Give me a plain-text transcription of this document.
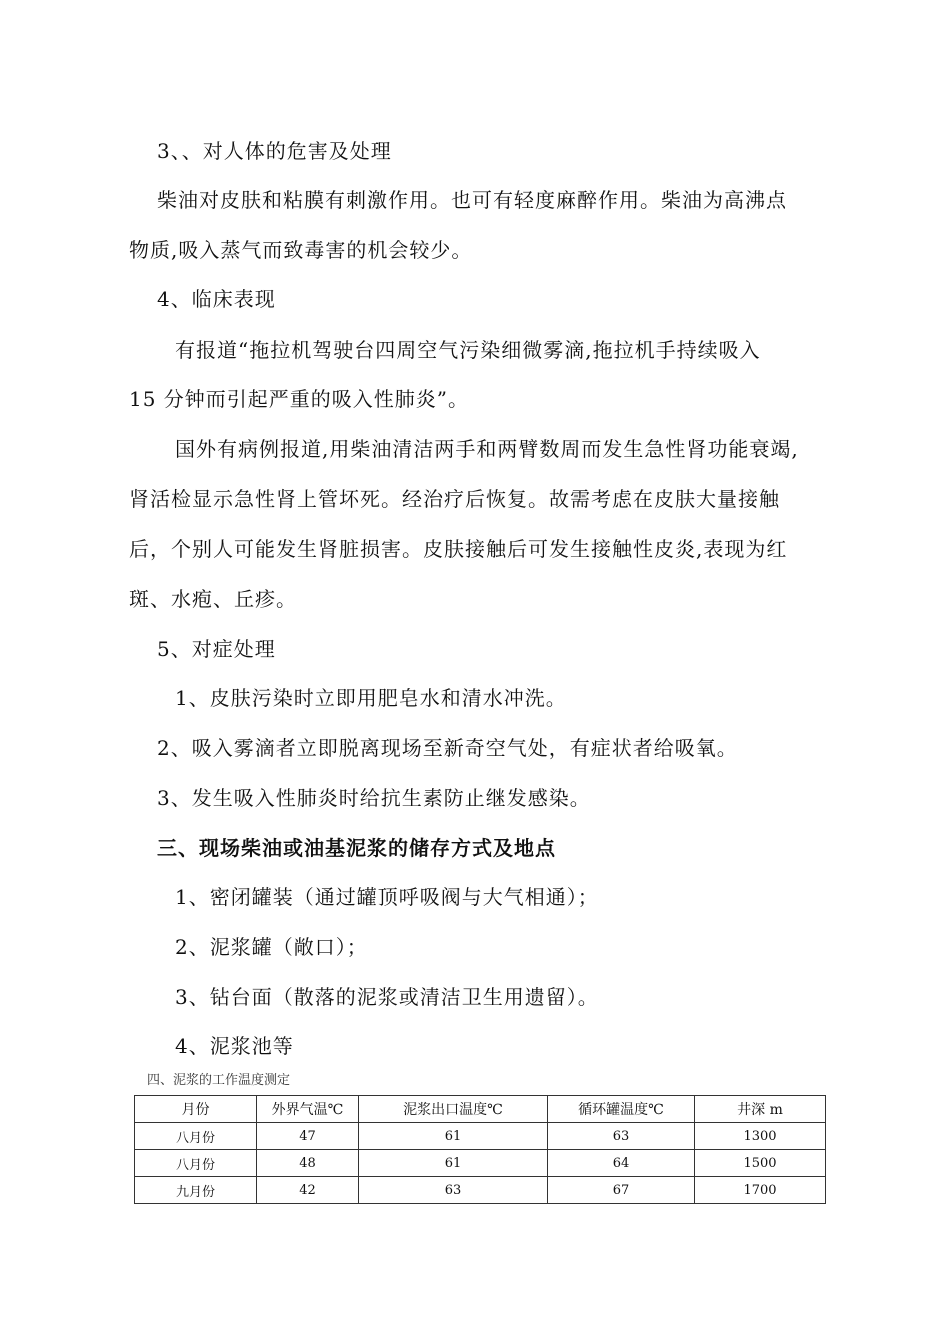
3、、对人体的危害及处理
柴油对皮肤和粘膜有刺激作用。也可有轻度麻醉作用。柴油为高沸点
物质,吸入蒸气而致毒害的机会较少。
4、临床表现
有报道“拖拉机驾驶台四周空气污染细微雾滴,拖拉机手持续吸入
15 分钟而引起严重的吸入性肺炎”。
国外有病例报道,用柴油清洁两手和两臂数周而发生急性肾功能衰竭,
肾活检显示急性肾上管坏死。经治疗后恢复。故需考虑在皮肤大量接触
后，个别人可能发生肾脏损害。皮肤接触后可发生接触性皮炎,表现为红
斑、水疱、丘疹。
5、对症处理
1、皮肤污染时立即用肥皂水和清水冲洗。
2、吸入雾滴者立即脱离现场至新奇空气处，有症状者给吸氧。
3、发生吸入性肺炎时给抗生素防止继发感染。
三、现场柴油或油基泥浆的储存方式及地点
1、密闭罐装（通过罐顶呼吸阀与大气相通）；
2、泥浆罐（敞口）；
3、钻台面（散落的泥浆或清洁卫生用遗留）。
4、泥浆池等
四、泥浆的工作温度测定
月份	外界气温℃	泥浆出口温度℃	循环罐温度℃	井深 m
八月份	47	61	63	1300
八月份	48	61	64	1500
九月份	42	63	67	1700
